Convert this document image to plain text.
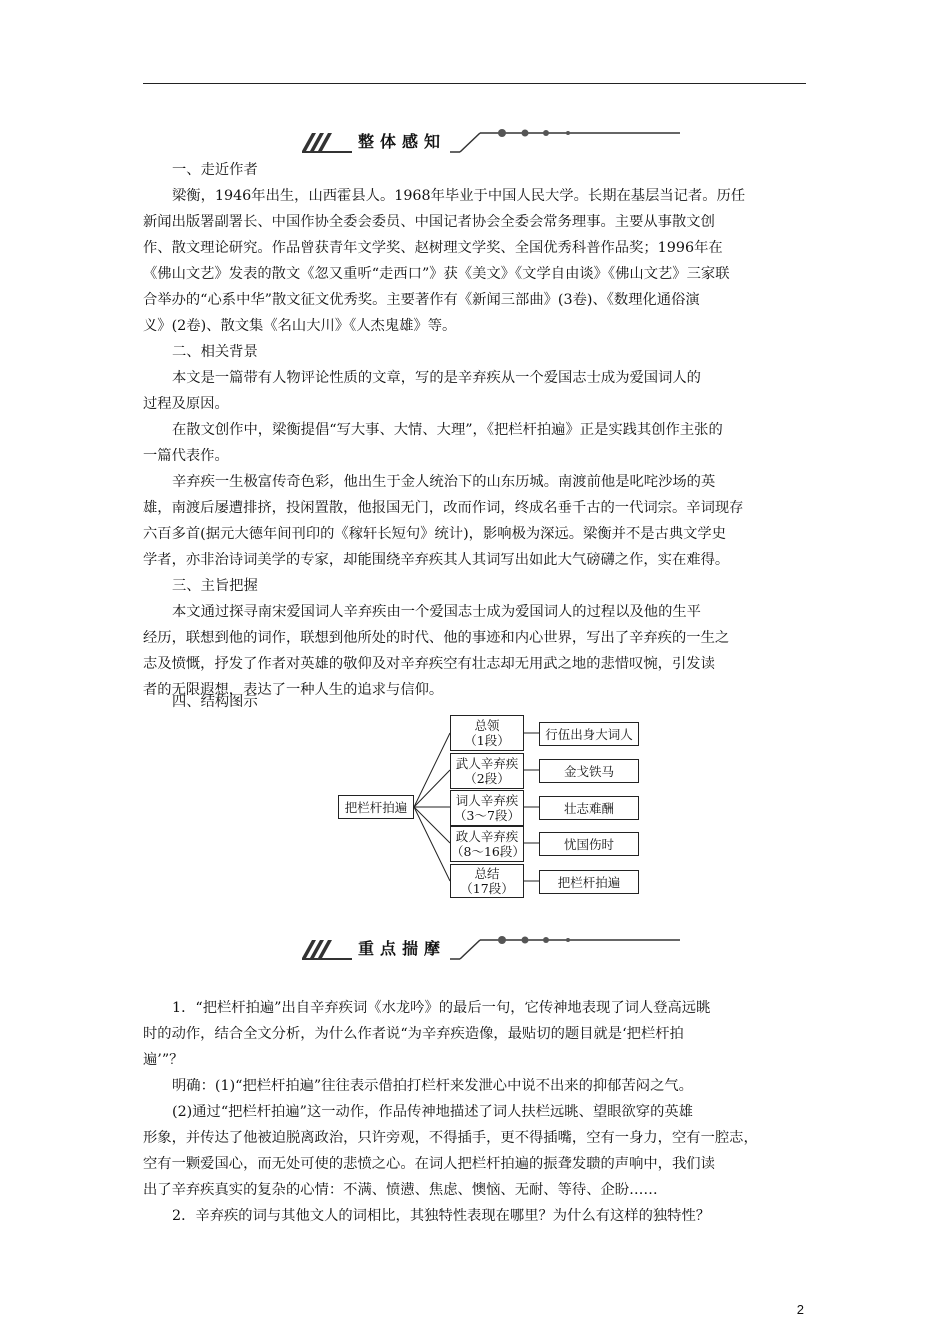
整体感知
一、走近作者
梁衡，1946年出生，山西霍县人。1968年毕业于中国人民大学。长期在基层当记者。历任
新闻出版署副署长、中国作协全委会委员、中国记者协会全委会常务理事。主要从事散文创
作、散文理论研究。作品曾获青年文学奖、赵树理文学奖、全国优秀科普作品奖；1996年在
《佛山文艺》发表的散文《忽又重听“走西口”》获《美文》《文学自由谈》《佛山文艺》三家联
合举办的“心系中华”散文征文优秀奖。主要著作有《新闻三部曲》(3卷)、《数理化通俗演
义》(2卷)、散文集《名山大川》《人杰鬼雄》等。
二、相关背景
本文是一篇带有人物评论性质的文章，写的是辛弃疾从一个爱国志士成为爱国词人的
过程及原因。
在散文创作中，梁衡提倡“写大事、大情、大理”，《把栏杆拍遍》正是实践其创作主张的
一篇代表作。
辛弃疾一生极富传奇色彩，他出生于金人统治下的山东历城。南渡前他是叱咤沙场的英
雄，南渡后屡遭排挤，投闲置散，他报国无门，改而作词，终成名垂千古的一代词宗。辛词现存
六百多首(据元大德年间刊印的《稼轩长短句》统计)，影响极为深远。梁衡并不是古典文学史
学者，亦非治诗词美学的专家，却能围绕辛弃疾其人其词写出如此大气磅礴之作，实在难得。
三、主旨把握
本文通过探寻南宋爱国词人辛弃疾由一个爱国志士成为爱国词人的过程以及他的生平
经历，联想到他的词作，联想到他所处的时代、他的事迹和内心世界，写出了辛弃疾的一生之
志及愤慨，抒发了作者对英雄的敬仰及对辛弃疾空有壮志却无用武之地的悲惜叹惋，引发读
者的无限遐想，表达了一种人生的追求与信仰。
四、结构图示
把栏杆拍遍
总领
（1段）
武人辛弃疾
（2段）
词人辛弃疾
（3～7段）
政人辛弃疾
（8～16段）
总结
（17段）
行伍出身大词人
金戈铁马
壮志难酬
忧国伤时
把栏杆拍遍
重点揣摩
1．“把栏杆拍遍”出自辛弃疾词《水龙吟》的最后一句，它传神地表现了词人登高远眺
时的动作，结合全文分析，为什么作者说“为辛弃疾造像，最贴切的题目就是‘把栏杆拍
遍’”？
明确：(1)“把栏杆拍遍”往往表示借拍打栏杆来发泄心中说不出来的抑郁苦闷之气。
(2)通过“把栏杆拍遍”这一动作，作品传神地描述了词人扶栏远眺、望眼欲穿的英雄
形象，并传达了他被迫脱离政治，只许旁观，不得插手，更不得插嘴，空有一身力，空有一腔志，
空有一颗爱国心，而无处可使的悲愤之心。在词人把栏杆拍遍的振聋发聩的声响中，我们读
出了辛弃疾真实的复杂的心情：不满、愤懑、焦虑、懊恼、无耐、等待、企盼……
2．辛弃疾的词与其他文人的词相比，其独特性表现在哪里？为什么有这样的独特性？
2
